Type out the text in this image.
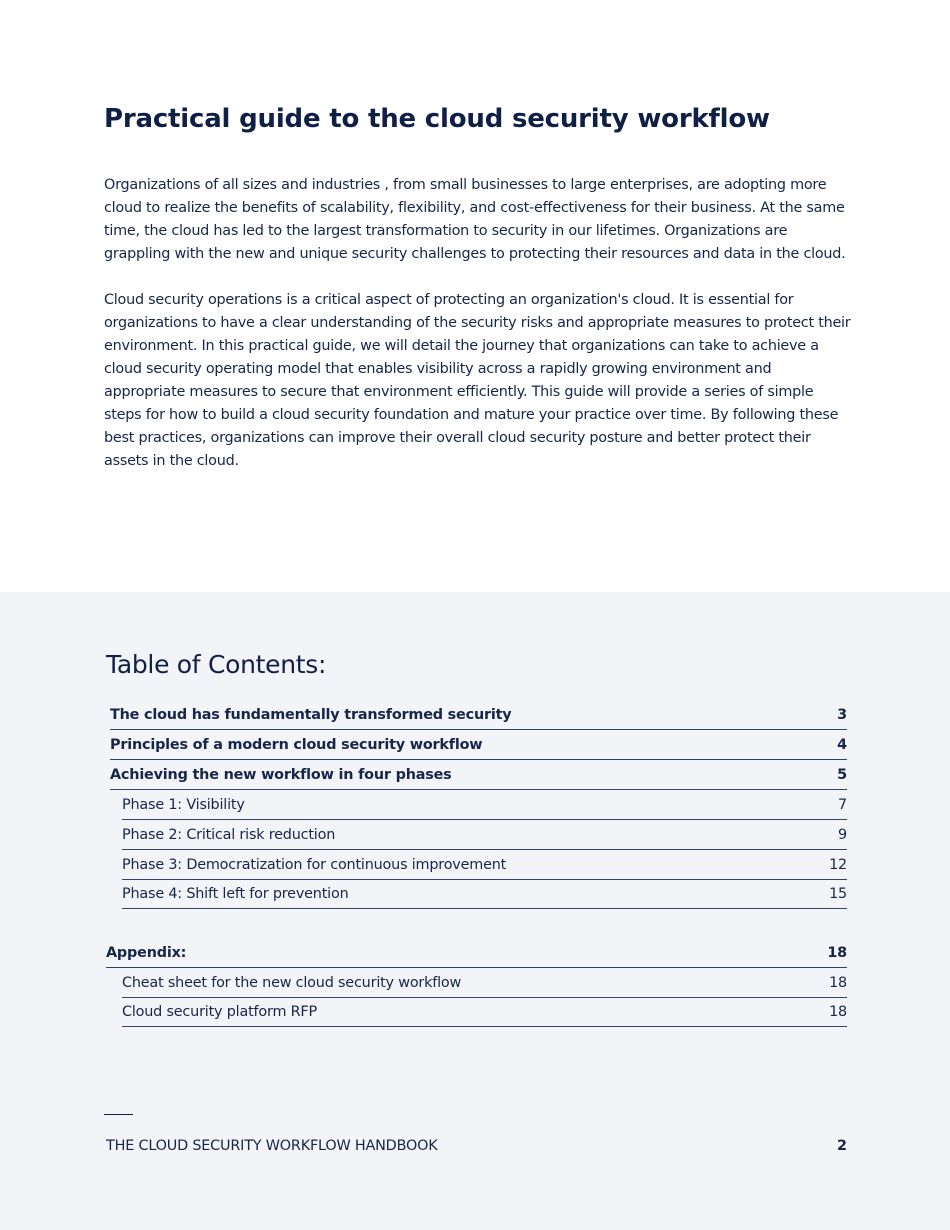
Practical guide to the cloud security workflow

Organizations of all sizes and industries , from small businesses to large enterprises, are adopting more cloud to realize the benefits of scalability, flexibility, and cost-effectiveness for their business. At the same time, the cloud has led to the largest transformation to security in our lifetimes. Organizations are grappling with the new and unique security challenges to protecting their resources and data in the cloud.

Cloud security operations is a critical aspect of protecting an organization's cloud. It is essential for organizations to have a clear understanding of the security risks and appropriate measures to protect their environment. In this practical guide, we will detail the journey that organizations can take to achieve a cloud security operating model that enables visibility across a rapidly growing environment and appropriate measures to secure that environment efficiently. This guide will provide a series of simple steps for how to build a cloud security foundation and mature your practice over time. By following these best practices, organizations can improve their overall cloud security posture and better protect their assets in the cloud.

Table of Contents:
The cloud has fundamentally transformed security	3
Principles of a modern cloud security workflow	4
Achieving the new workflow in four phases	5
Phase 1: Visibility	7
Phase 2: Critical risk reduction	9
Phase 3: Democratization for continuous improvement	12
Phase 4: Shift left for prevention	15
Appendix:	18
Cheat sheet for the new cloud security workflow	18
Cloud security platform RFP	18
THE CLOUD SECURITY WORKFLOW HANDBOOK	2
